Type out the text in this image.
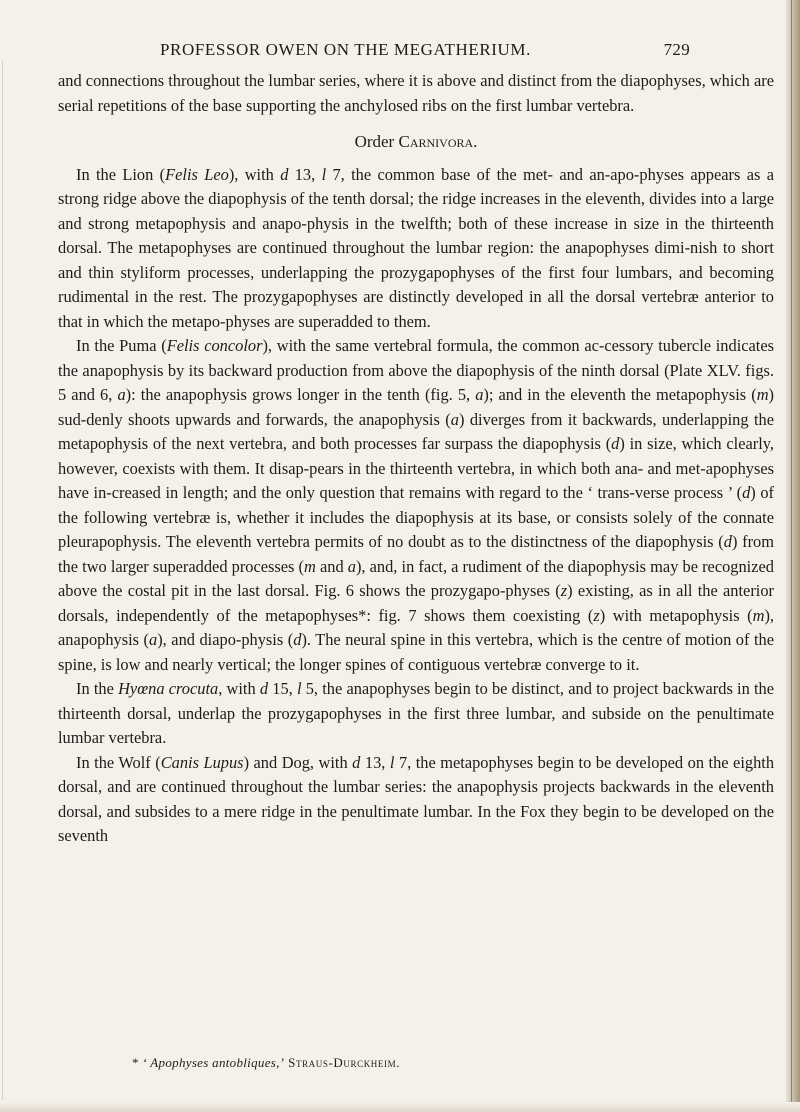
PROFESSOR OWEN ON THE MEGATHERIUM.	729

and connections throughout the lumbar series, where it is above and distinct from the diapophyses, which are serial repetitions of the base supporting the anchylosed ribs on the first lumbar vertebra.

Order Carnivora.

In the Lion (Felis Leo), with d 13, l 7, the common base of the met- and an-apo-physes appears as a strong ridge above the diapophysis of the tenth dorsal; the ridge increases in the eleventh, divides into a large and strong metapophysis and anapo-physis in the twelfth; both of these increase in size in the thirteenth dorsal. The metapophyses are continued throughout the lumbar region: the anapophyses dimi-nish to short and thin styliform processes, underlapping the prozygapophyses of the first four lumbars, and becoming rudimental in the rest. The prozygapophyses are distinctly developed in all the dorsal vertebræ anterior to that in which the metapo-physes are superadded to them.

In the Puma (Felis concolor), with the same vertebral formula, the common ac-cessory tubercle indicates the anapophysis by its backward production from above the diapophysis of the ninth dorsal (Plate XLV. figs. 5 and 6, a): the anapophysis grows longer in the tenth (fig. 5, a); and in the eleventh the metapophysis (m) sud-denly shoots upwards and forwards, the anapophysis (a) diverges from it backwards, underlapping the metapophysis of the next vertebra, and both processes far surpass the diapophysis (d) in size, which clearly, however, coexists with them. It disap-pears in the thirteenth vertebra, in which both ana- and met-apophyses have in-creased in length; and the only question that remains with regard to the ‘ trans-verse process ’ (d) of the following vertebræ is, whether it includes the diapophysis at its base, or consists solely of the connate pleurapophysis. The eleventh vertebra permits of no doubt as to the distinctness of the diapophysis (d) from the two larger superadded processes (m and a), and, in fact, a rudiment of the diapophysis may be recognized above the costal pit in the last dorsal. Fig. 6 shows the prozygapo-physes (z) existing, as in all the anterior dorsals, independently of the metapophyses*: fig. 7 shows them coexisting (z) with metapophysis (m), anapophysis (a), and diapo-physis (d). The neural spine in this vertebra, which is the centre of motion of the spine, is low and nearly vertical; the longer spines of contiguous vertebræ converge to it.

In the Hyœna crocuta, with d 15, l 5, the anapophyses begin to be distinct, and to project backwards in the thirteenth dorsal, underlap the prozygapophyses in the first three lumbar, and subside on the penultimate lumbar vertebra.

In the Wolf (Canis Lupus) and Dog, with d 13, l 7, the metapophyses begin to be developed on the eighth dorsal, and are continued throughout the lumbar series: the anapophysis projects backwards in the eleventh dorsal, and subsides to a mere ridge in the penultimate lumbar. In the Fox they begin to be developed on the seventh

* ‘ Apophyses antobliques,’ Straus-Durckheim.
